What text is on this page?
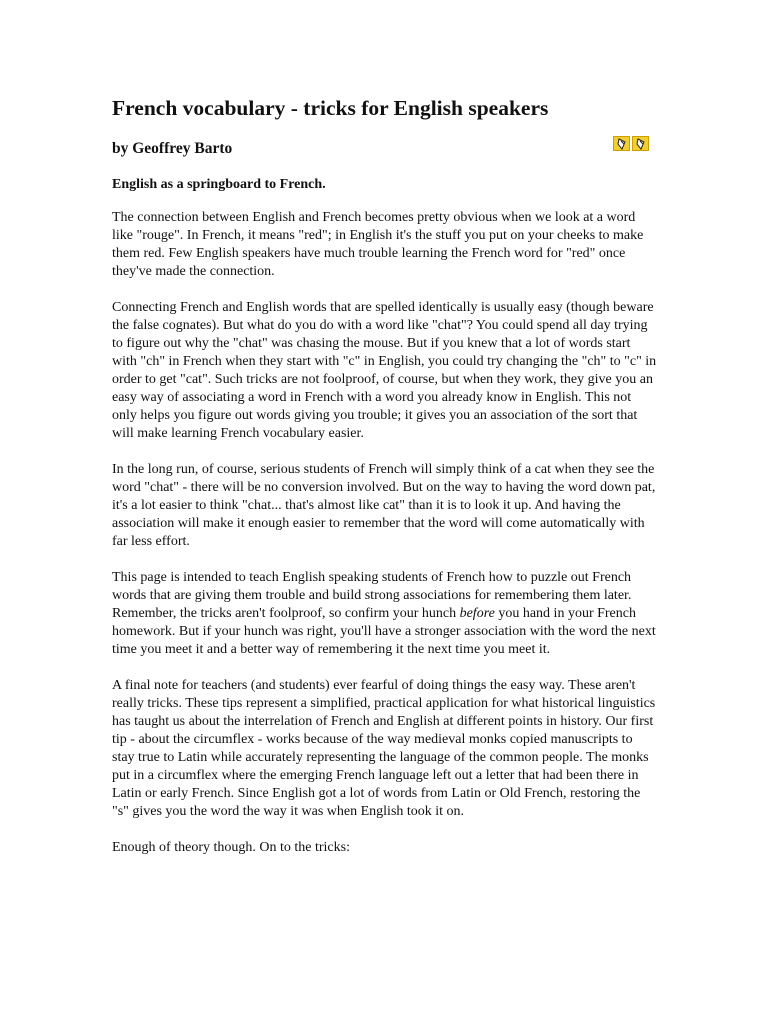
French vocabulary - tricks for English speakers

by Geoffrey Barto

English as a springboard to French.

The connection between English and French becomes pretty obvious when we look at a word like "rouge". In French, it means "red"; in English it's the stuff you put on your cheeks to make them red. Few English speakers have much trouble learning the French word for "red" once they've made the connection.

Connecting French and English words that are spelled identically is usually easy (though beware the false cognates). But what do you do with a word like "chat"? You could spend all day trying to figure out why the "chat" was chasing the mouse. But if you knew that a lot of words start with "ch" in French when they start with "c" in English, you could try changing the "ch" to "c" in order to get "cat". Such tricks are not foolproof, of course, but when they work, they give you an easy way of associating a word in French with a word you already know in English. This not only helps you figure out words giving you trouble; it gives you an association of the sort that will make learning French vocabulary easier.

In the long run, of course, serious students of French will simply think of a cat when they see the word "chat" - there will be no conversion involved. But on the way to having the word down pat, it's a lot easier to think "chat... that's almost like cat" than it is to look it up. And having the association will make it enough easier to remember that the word will come automatically with far less effort.

This page is intended to teach English speaking students of French how to puzzle out French words that are giving them trouble and build strong associations for remembering them later. Remember, the tricks aren't foolproof, so confirm your hunch before you hand in your French homework. But if your hunch was right, you'll have a stronger association with the word the next time you meet it and a better way of remembering it the next time you meet it.

A final note for teachers (and students) ever fearful of doing things the easy way. These aren't really tricks. These tips represent a simplified, practical application for what historical linguistics has taught us about the interrelation of French and English at different points in history. Our first tip - about the circumflex - works because of the way medieval monks copied manuscripts to stay true to Latin while accurately representing the language of the common people. The monks put in a circumflex where the emerging French language left out a letter that had been there in Latin or early French. Since English got a lot of words from Latin or Old French, restoring the "s" gives you the word the way it was when English took it on.

Enough of theory though. On to the tricks:
